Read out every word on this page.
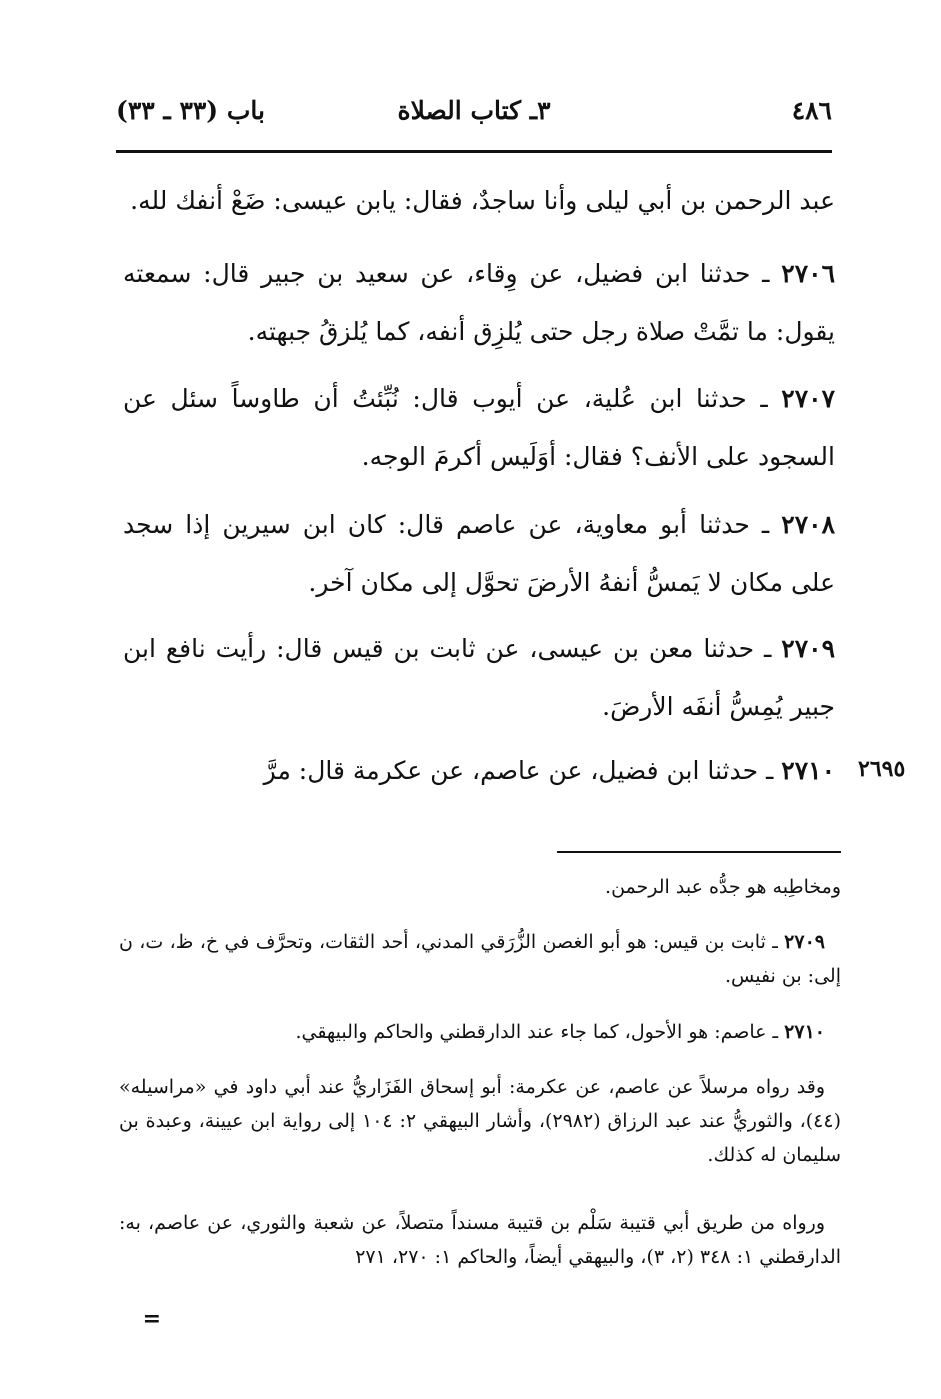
٤٨٦
٣ـ كتاب الصلاة
باب (٣٣ ـ ٣٣)

عبد الرحمن بن أبي ليلى وأنا ساجدٌ، فقال: يابن عيسى: ضَعْ أنفك لله.

٢٧٠٦ ـ حدثنا ابن فضيل، عن وِقاء، عن سعيد بن جبير قال: سمعته يقول: ما تمَّتْ صلاة رجل حتى يُلزِق أنفه، كما يُلزقُ جبهته.

٢٧٠٧ ـ حدثنا ابن عُلية، عن أيوب قال: نُبِّئتُ أن طاوساً سئل عن السجود على الأنف؟ فقال: أوَلَيس أكرمَ الوجه.

٢٧٠٨ ـ حدثنا أبو معاوية، عن عاصم قال: كان ابن سيرين إذا سجد على مكان لا يَمسُّ أنفهُ الأرضَ تحوَّل إلى مكان آخر.

٢٧٠٩ ـ حدثنا معن بن عيسى، عن ثابت بن قيس قال: رأيت نافع ابن جبير يُمِسُّ أنفَه الأرضَ.

٢٧١٠ ـ حدثنا ابن فضيل، عن عاصم، عن عكرمة قال: مرَّ	٢٦٩٥

ومخاطِبه هو جدُّه عبد الرحمن.

٢٧٠٩ ـ ثابت بن قيس: هو أبو الغصن الزُّرَقي المدني، أحد الثقات، وتحرَّف في خ، ظ، ت، ن إلى: بن نفيس.

٢٧١٠ ـ عاصم: هو الأحول، كما جاء عند الدارقطني والحاكم والبيهقي.

وقد رواه مرسلاً عن عاصم، عن عكرمة: أبو إسحاق الفَزَاريُّ عند أبي داود في «مراسيله» (٤٤)، والثوريُّ عند عبد الرزاق (٢٩٨٢)، وأشار البيهقي ٢: ١٠٤ إلى رواية ابن عيينة، وعبدة بن سليمان له كذلك.

ورواه من طريق أبي قتيبة سَلْم بن قتيبة مسنداً متصلاً، عن شعبة والثوري، عن عاصم، به: الدارقطني ١: ٣٤٨ (٢، ٣)، والبيهقي أيضاً، والحاكم ١: ٢٧٠، ٢٧١

=
